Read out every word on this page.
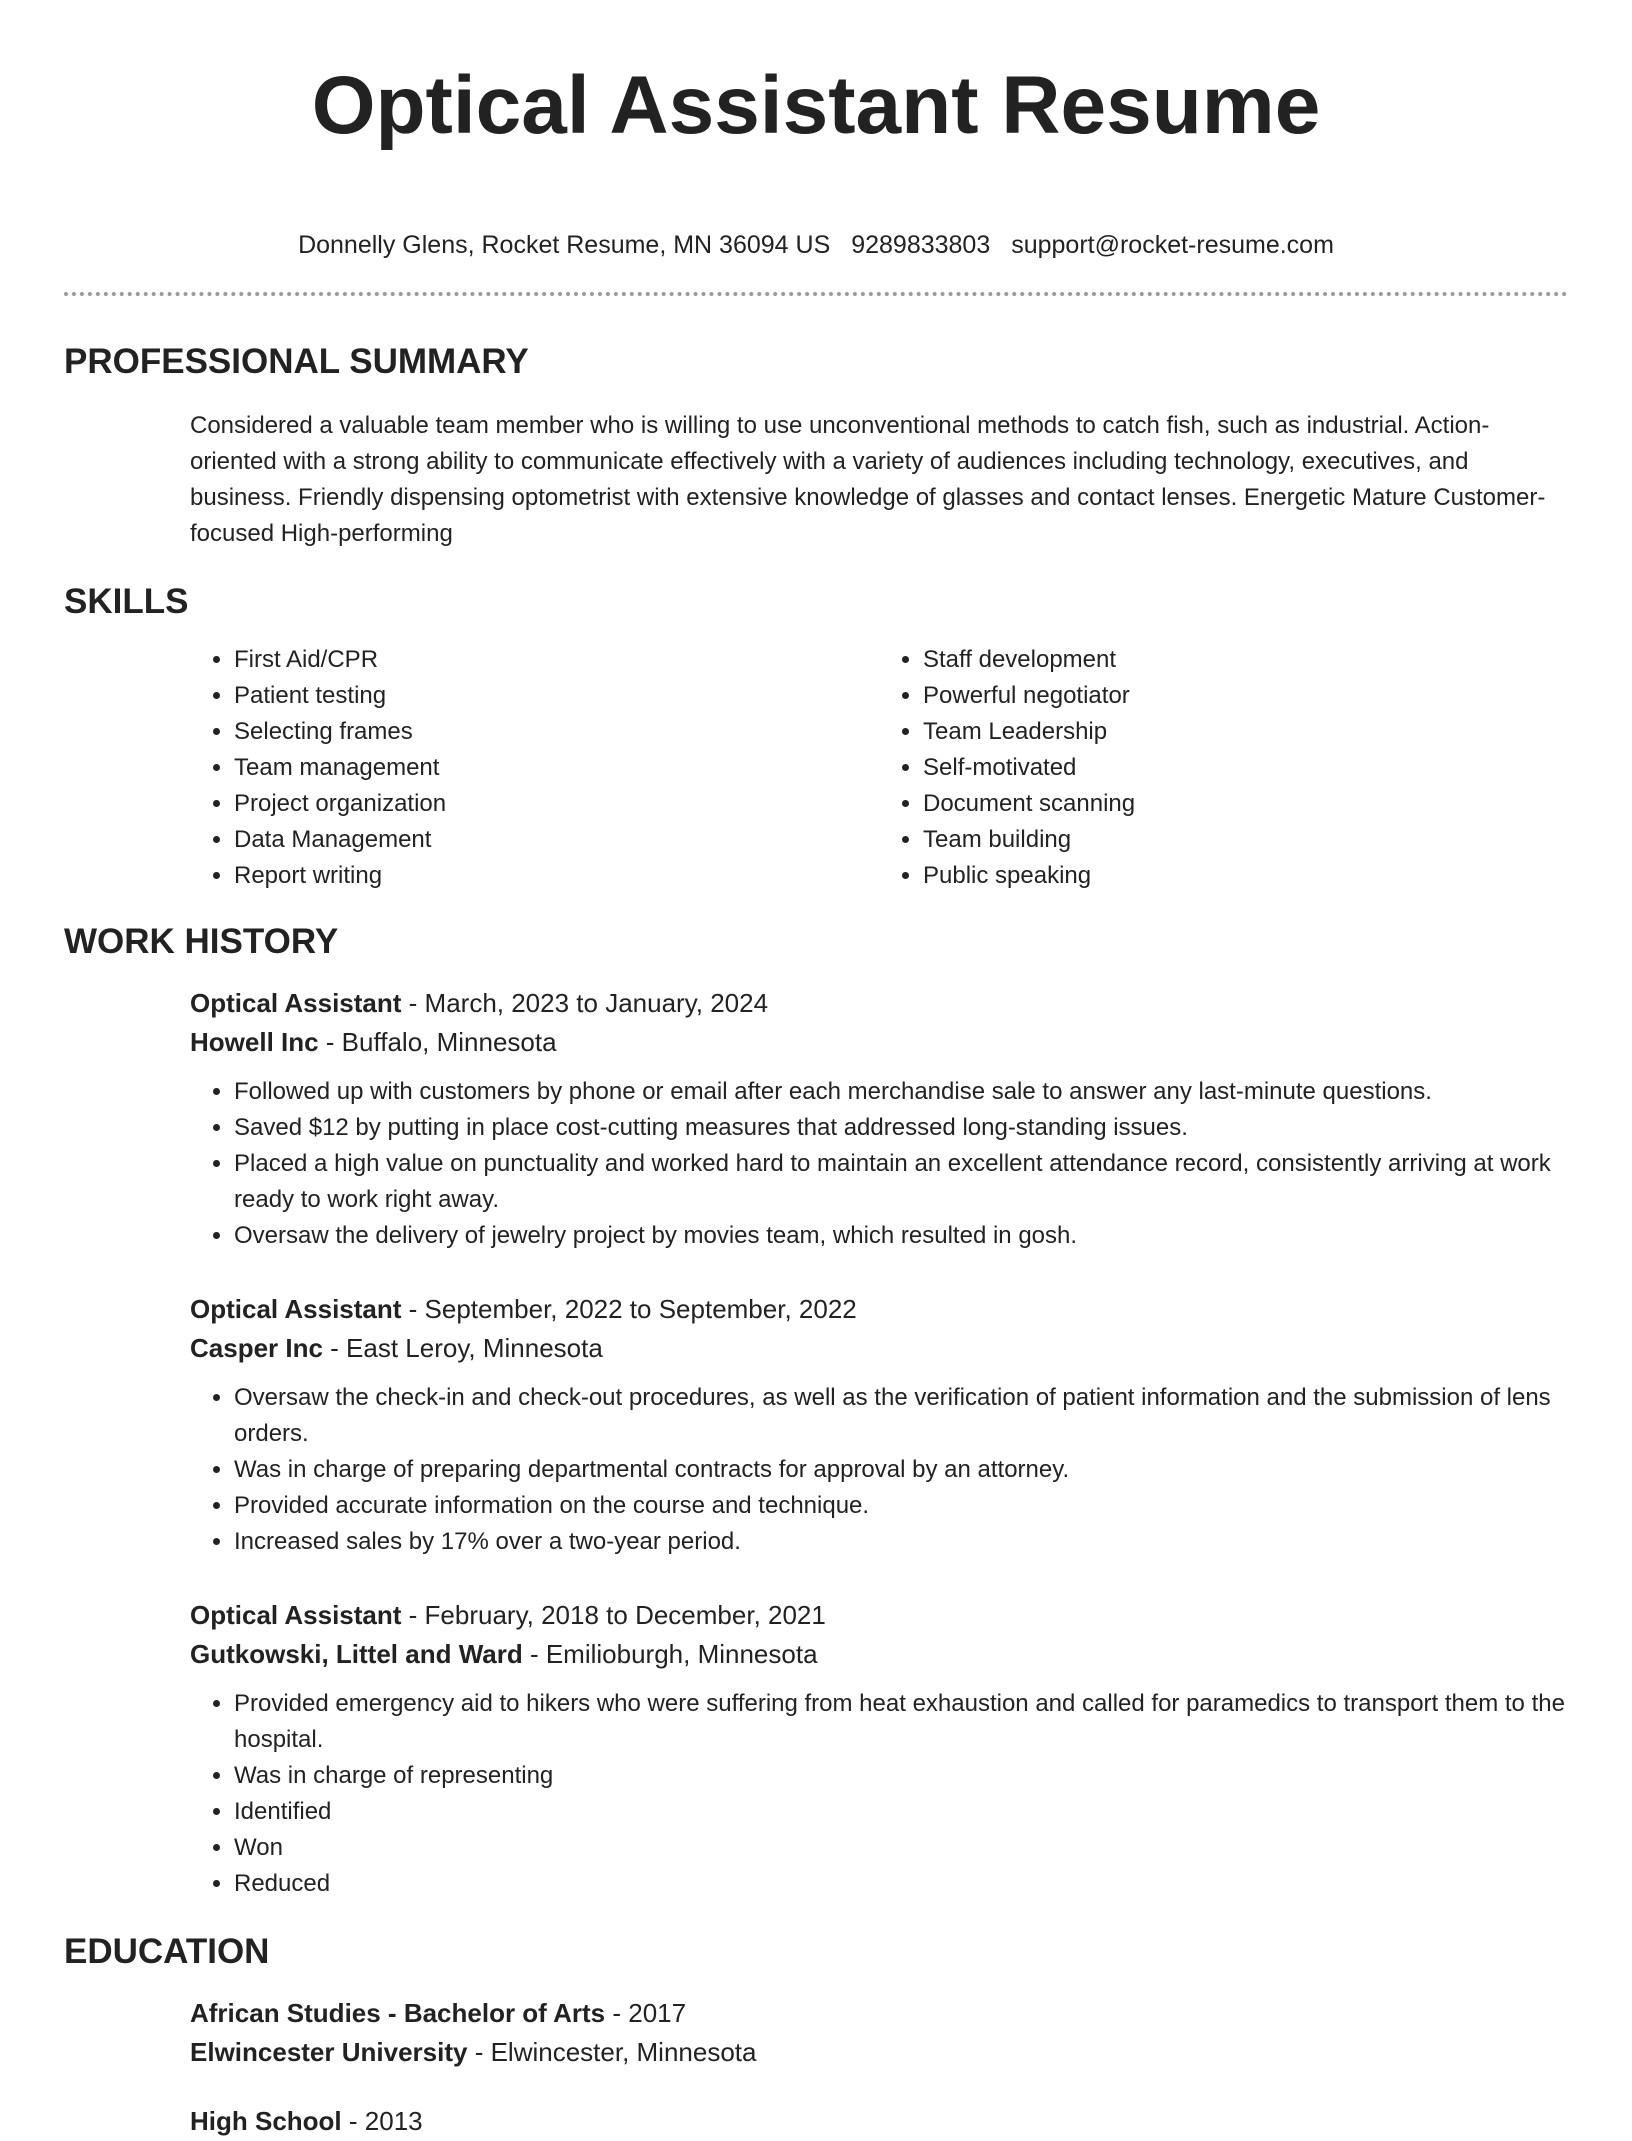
Optical Assistant Resume
Donnelly Glens, Rocket Resume, MN 36094 US 9289833803 support@rocket-resume.com
PROFESSIONAL SUMMARY
Considered a valuable team member who is willing to use unconventional methods to catch fish, such as industrial. Action-oriented with a strong ability to communicate effectively with a variety of audiences including technology, executives, and business. Friendly dispensing optometrist with extensive knowledge of glasses and contact lenses. Energetic Mature Customer-focused High-performing
SKILLS
• First Aid/CPR
• Patient testing
• Selecting frames
• Team management
• Project organization
• Data Management
• Report writing
• Staff development
• Powerful negotiator
• Team Leadership
• Self-motivated
• Document scanning
• Team building
• Public speaking
WORK HISTORY
Optical Assistant - March, 2023 to January, 2024
Howell Inc - Buffalo, Minnesota
• Followed up with customers by phone or email after each merchandise sale to answer any last-minute questions.
• Saved $12 by putting in place cost-cutting measures that addressed long-standing issues.
• Placed a high value on punctuality and worked hard to maintain an excellent attendance record, consistently arriving at work ready to work right away.
• Oversaw the delivery of jewelry project by movies team, which resulted in gosh.
Optical Assistant - September, 2022 to September, 2022
Casper Inc - East Leroy, Minnesota
• Oversaw the check-in and check-out procedures, as well as the verification of patient information and the submission of lens orders.
• Was in charge of preparing departmental contracts for approval by an attorney.
• Provided accurate information on the course and technique.
• Increased sales by 17% over a two-year period.
Optical Assistant - February, 2018 to December, 2021
Gutkowski, Littel and Ward - Emilioburgh, Minnesota
• Provided emergency aid to hikers who were suffering from heat exhaustion and called for paramedics to transport them to the hospital.
• Was in charge of representing
• Identified
• Won
• Reduced
EDUCATION
African Studies - Bachelor of Arts - 2017
Elwincester University - Elwincester, Minnesota
High School - 2013
